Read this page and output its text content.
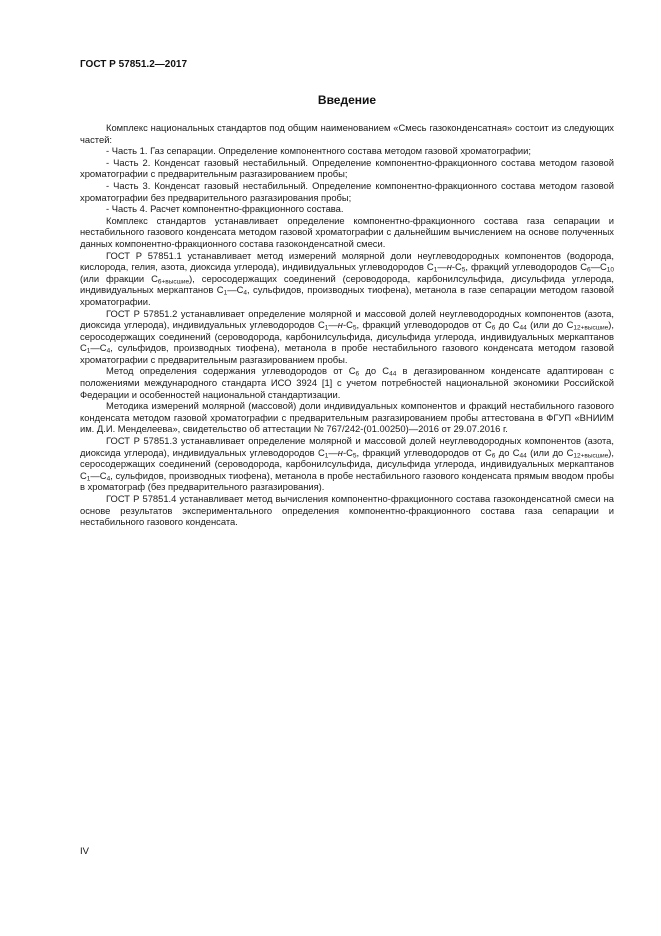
ГОСТ Р 57851.2—2017
Введение

Комплекс национальных стандартов под общим наименованием «Смесь газоконденсатная» состоит из следующих частей:

- Часть 1. Газ сепарации. Определение компонентного состава методом газовой хроматографии;

- Часть 2. Конденсат газовый нестабильный. Определение компонентно-фракционного состава методом газовой хроматографии с предварительным разгазированием пробы;

- Часть 3. Конденсат газовый нестабильный. Определение компонентно-фракционного состава методом газовой хроматографии без предварительного разгазирования пробы;

- Часть 4. Расчет компонентно-фракционного состава.

Комплекс стандартов устанавливает определение компонентно-фракционного состава газа сепарации и нестабильного газового конденсата методом газовой хроматографии с дальнейшим вычислением на основе полученных данных компонентно-фракционного состава газоконденсатной смеси.

ГОСТ Р 57851.1 устанавливает метод измерений молярной доли неуглеводородных компонентов (водорода, кислорода, гелия, азота, диоксида углерода), индивидуальных углеводородов $С_1—н-С_5$, фракций углеводородов $С_6—С_{10}$ (или фракции $С_{6+высшие}$), серосодержащих соединений (сероводорода, карбонилсульфида, дисульфида углерода, индивидуальных меркаптанов $С_1—С_4$, сульфидов, производных тиофена), метанола в газе сепарации методом газовой хроматографии.

ГОСТ Р 57851.2 устанавливает определение молярной и массовой долей неуглеводородных компонентов (азота, диоксида углерода), индивидуальных углеводородов $С_1—н-С_5$, фракций углеводородов от $С_6$ до $С_{44}$ (или до $С_{12+высшие}$), серосодержащих соединений (сероводорода, карбонилсульфида, дисульфида углерода, индивидуальных меркаптанов $С_1—С_4$, сульфидов, производных тиофена), метанола в пробе нестабильного газового конденсата методом газовой хроматографии с предварительным разгазированием пробы.

Метод определения содержания углеводородов от $С_6$ до $С_{44}$ в дегазированном конденсате адаптирован с положениями международного стандарта ИСО 3924 [1] с учетом потребностей национальной экономики Российской Федерации и особенностей национальной стандартизации.

Методика измерений молярной (массовой) доли индивидуальных компонентов и фракций нестабильного газового конденсата методом газовой хроматографии с предварительным разгазированием пробы аттестована в ФГУП «ВНИИМ им. Д.И. Менделеева», свидетельство об аттестации № 767/242-(01.00250)—2016 от 29.07.2016 г.

ГОСТ Р 57851.3 устанавливает определение молярной и массовой долей неуглеводородных компонентов (азота, диоксида углерода), индивидуальных углеводородов $С_1—н-С_5$, фракций углеводородов от $С_6$ до $С_{44}$ (или до $С_{12+высшие}$), серосодержащих соединений (сероводорода, карбонилсульфида, дисульфида углерода, индивидуальных меркаптанов $С_1—С_4$, сульфидов, производных тиофена), метанола в пробе нестабильного газового конденсата прямым вводом пробы в хроматограф (без предварительного разгазирования).

ГОСТ Р 57851.4 устанавливает метод вычисления компонентно-фракционного состава газоконденсатной смеси на основе результатов экспериментального определения компонентно-фракционного состава газа сепарации и нестабильного газового конденсата.

IV
